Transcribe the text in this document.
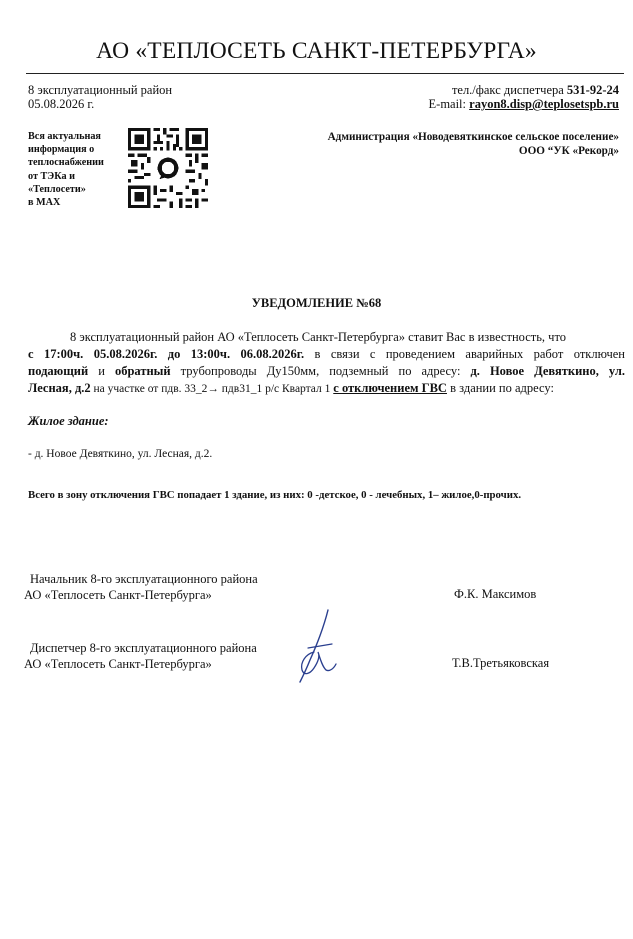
АО «ТЕПЛОСЕТЬ САНКТ-ПЕТЕРБУРГА»
8 эксплуатационный район
05.08.2026 г.
тел./факс диспетчера 531-92-24
E-mail: rayon8.disp@teplosetspb.ru
Вся актуальная
информация о
теплоснабжении
от ТЭКа и
«Теплосети»
в MAX
Администрация «Новодевяткинское сельское поселение»
ООО “УК «Рекорд»
УВЕДОМЛЕНИЕ №68
8 эксплуатационный район АО «Теплосеть Санкт-Петербурга» ставит Вас в известность, что
с 17:00ч. 05.08.2026г. до 13:00ч. 06.08.2026г. в связи с проведением аварийных работ отключен
подающий и обратный трубопроводы Ду150мм, подземный по адресу: д. Новое Девяткино, ул.
Лесная, д.2 на участке от пдв. 33_2→ пдв31_1 р/с Квартал 1 с отключением ГВС в здании по адресу:
Жилое здание:
- д. Новое Девяткино, ул. Лесная, д.2.
Всего в зону отключения ГВС попадает 1 здание, из них: 0 -детское, 0 - лечебных, 1– жилое,0-прочих.
Начальник 8-го эксплуатационного района
АО «Теплосеть Санкт-Петербурга»	Ф.К. Максимов
Диспетчер 8-го эксплуатационного района
АО «Теплосеть Санкт-Петербурга»	Т.В.Третьяковская
